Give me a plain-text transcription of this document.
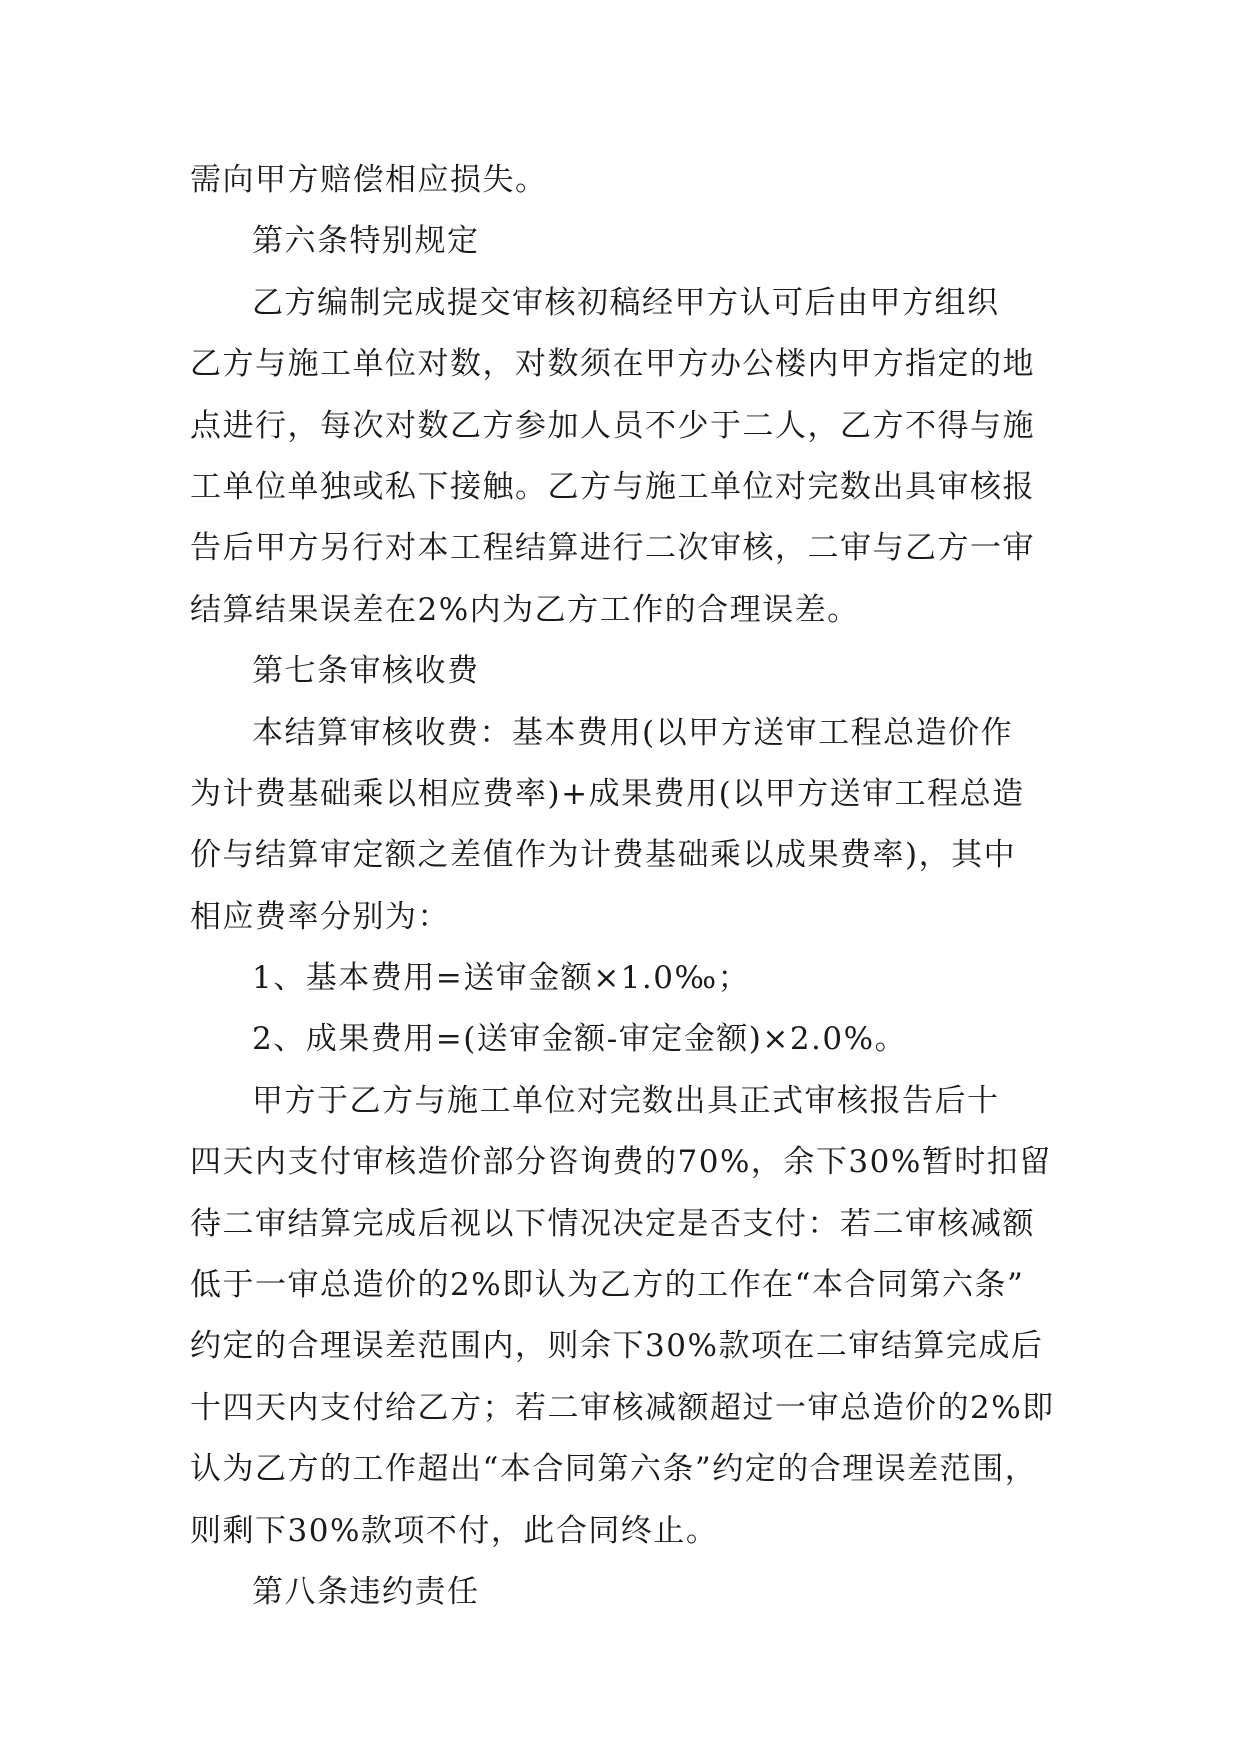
需向甲方赔偿相应损失。

第六条特别规定

乙方编制完成提交审核初稿经甲方认可后由甲方组织

乙方与施工单位对数，对数须在甲方办公楼内甲方指定的地

点进行，每次对数乙方参加人员不少于二人，乙方不得与施

工单位单独或私下接触。乙方与施工单位对完数出具审核报

告后甲方另行对本工程结算进行二次审核，二审与乙方一审

结算结果误差在2%内为乙方工作的合理误差。

第七条审核收费

本结算审核收费：基本费用(以甲方送审工程总造价作

为计费基础乘以相应费率)+成果费用(以甲方送审工程总造

价与结算审定额之差值作为计费基础乘以成果费率)，其中

相应费率分别为：

1、基本费用=送审金额×1.0‰；

2、成果费用=(送审金额-审定金额)×2.0%。

甲方于乙方与施工单位对完数出具正式审核报告后十

四天内支付审核造价部分咨询费的70%，余下30%暂时扣留

待二审结算完成后视以下情况决定是否支付：若二审核减额

低于一审总造价的2%即认为乙方的工作在“本合同第六条”

约定的合理误差范围内，则余下30%款项在二审结算完成后

十四天内支付给乙方；若二审核减额超过一审总造价的2%即

认为乙方的工作超出“本合同第六条”约定的合理误差范围，

则剩下30%款项不付，此合同终止。

第八条违约责任
